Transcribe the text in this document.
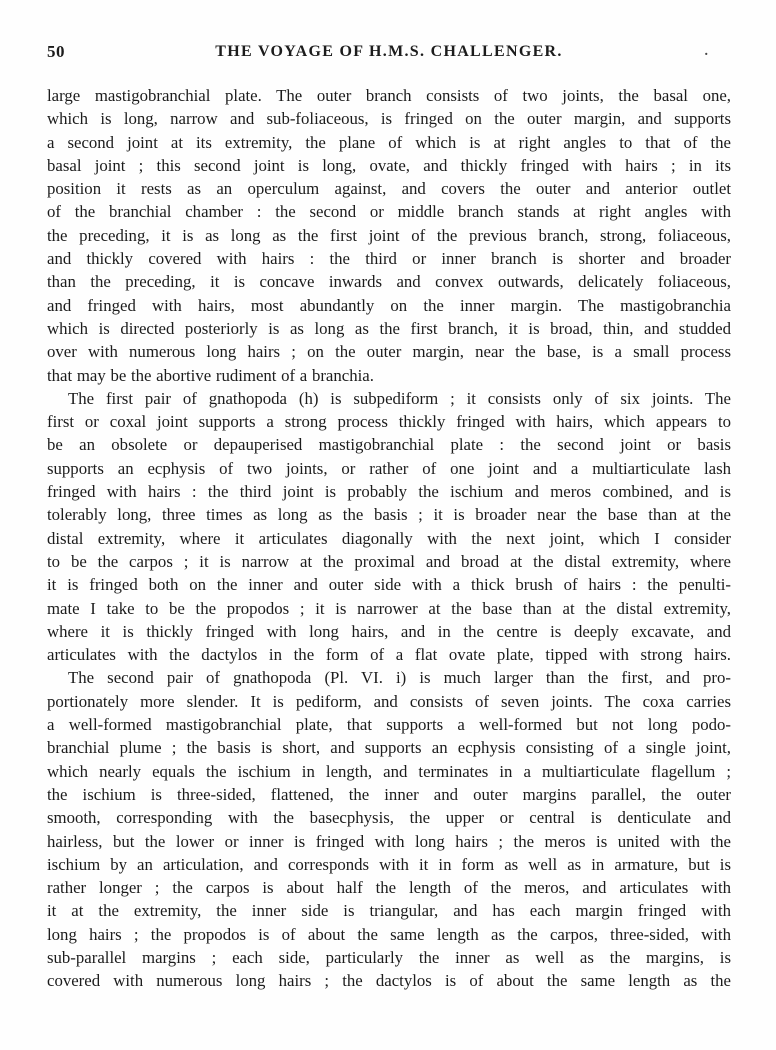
50	THE VOYAGE OF H.M.S. CHALLENGER.	.
large mastigobranchial plate. The outer branch consists of two joints, the basal one,
which is long, narrow and sub-foliaceous, is fringed on the outer margin, and supports
a second joint at its extremity, the plane of which is at right angles to that of the
basal joint ; this second joint is long, ovate, and thickly fringed with hairs ; in its
position it rests as an operculum against, and covers the outer and anterior outlet
of the branchial chamber : the second or middle branch stands at right angles with
the preceding, it is as long as the first joint of the previous branch, strong, foliaceous,
and thickly covered with hairs : the third or inner branch is shorter and broader
than the preceding, it is concave inwards and convex outwards, delicately foliaceous,
and fringed with hairs, most abundantly on the inner margin. The mastigobranchia
which is directed posteriorly is as long as the first branch, it is broad, thin, and studded
over with numerous long hairs ; on the outer margin, near the base, is a small process
that may be the abortive rudiment of a branchia.
The first pair of gnathopoda (h) is subpediform ; it consists only of six joints. The
first or coxal joint supports a strong process thickly fringed with hairs, which appears to
be an obsolete or depauperised mastigobranchial plate : the second joint or basis
supports an ecphysis of two joints, or rather of one joint and a multiarticulate lash
fringed with hairs : the third joint is probably the ischium and meros combined, and is
tolerably long, three times as long as the basis ; it is broader near the base than at the
distal extremity, where it articulates diagonally with the next joint, which I consider
to be the carpos ; it is narrow at the proximal and broad at the distal extremity, where
it is fringed both on the inner and outer side with a thick brush of hairs : the penulti-
mate I take to be the propodos ; it is narrower at the base than at the distal extremity,
where it is thickly fringed with long hairs, and in the centre is deeply excavate, and
articulates with the dactylos in the form of a flat ovate plate, tipped with strong hairs.
The second pair of gnathopoda (Pl. VI. i) is much larger than the first, and pro-
portionately more slender. It is pediform, and consists of seven joints. The coxa carries
a well-formed mastigobranchial plate, that supports a well-formed but not long podo-
branchial plume ; the basis is short, and supports an ecphysis consisting of a single joint,
which nearly equals the ischium in length, and terminates in a multiarticulate flagellum ;
the ischium is three-sided, flattened, the inner and outer margins parallel, the outer
smooth, corresponding with the basecphysis, the upper or central is denticulate and
hairless, but the lower or inner is fringed with long hairs ; the meros is united with the
ischium by an articulation, and corresponds with it in form as well as in armature, but is
rather longer ; the carpos is about half the length of the meros, and articulates with
it at the extremity, the inner side is triangular, and has each margin fringed with
long hairs ; the propodos is of about the same length as the carpos, three-sided, with
sub-parallel margins ; each side, particularly the inner as well as the margins, is
covered with numerous long hairs ; the dactylos is of about the same length as the
